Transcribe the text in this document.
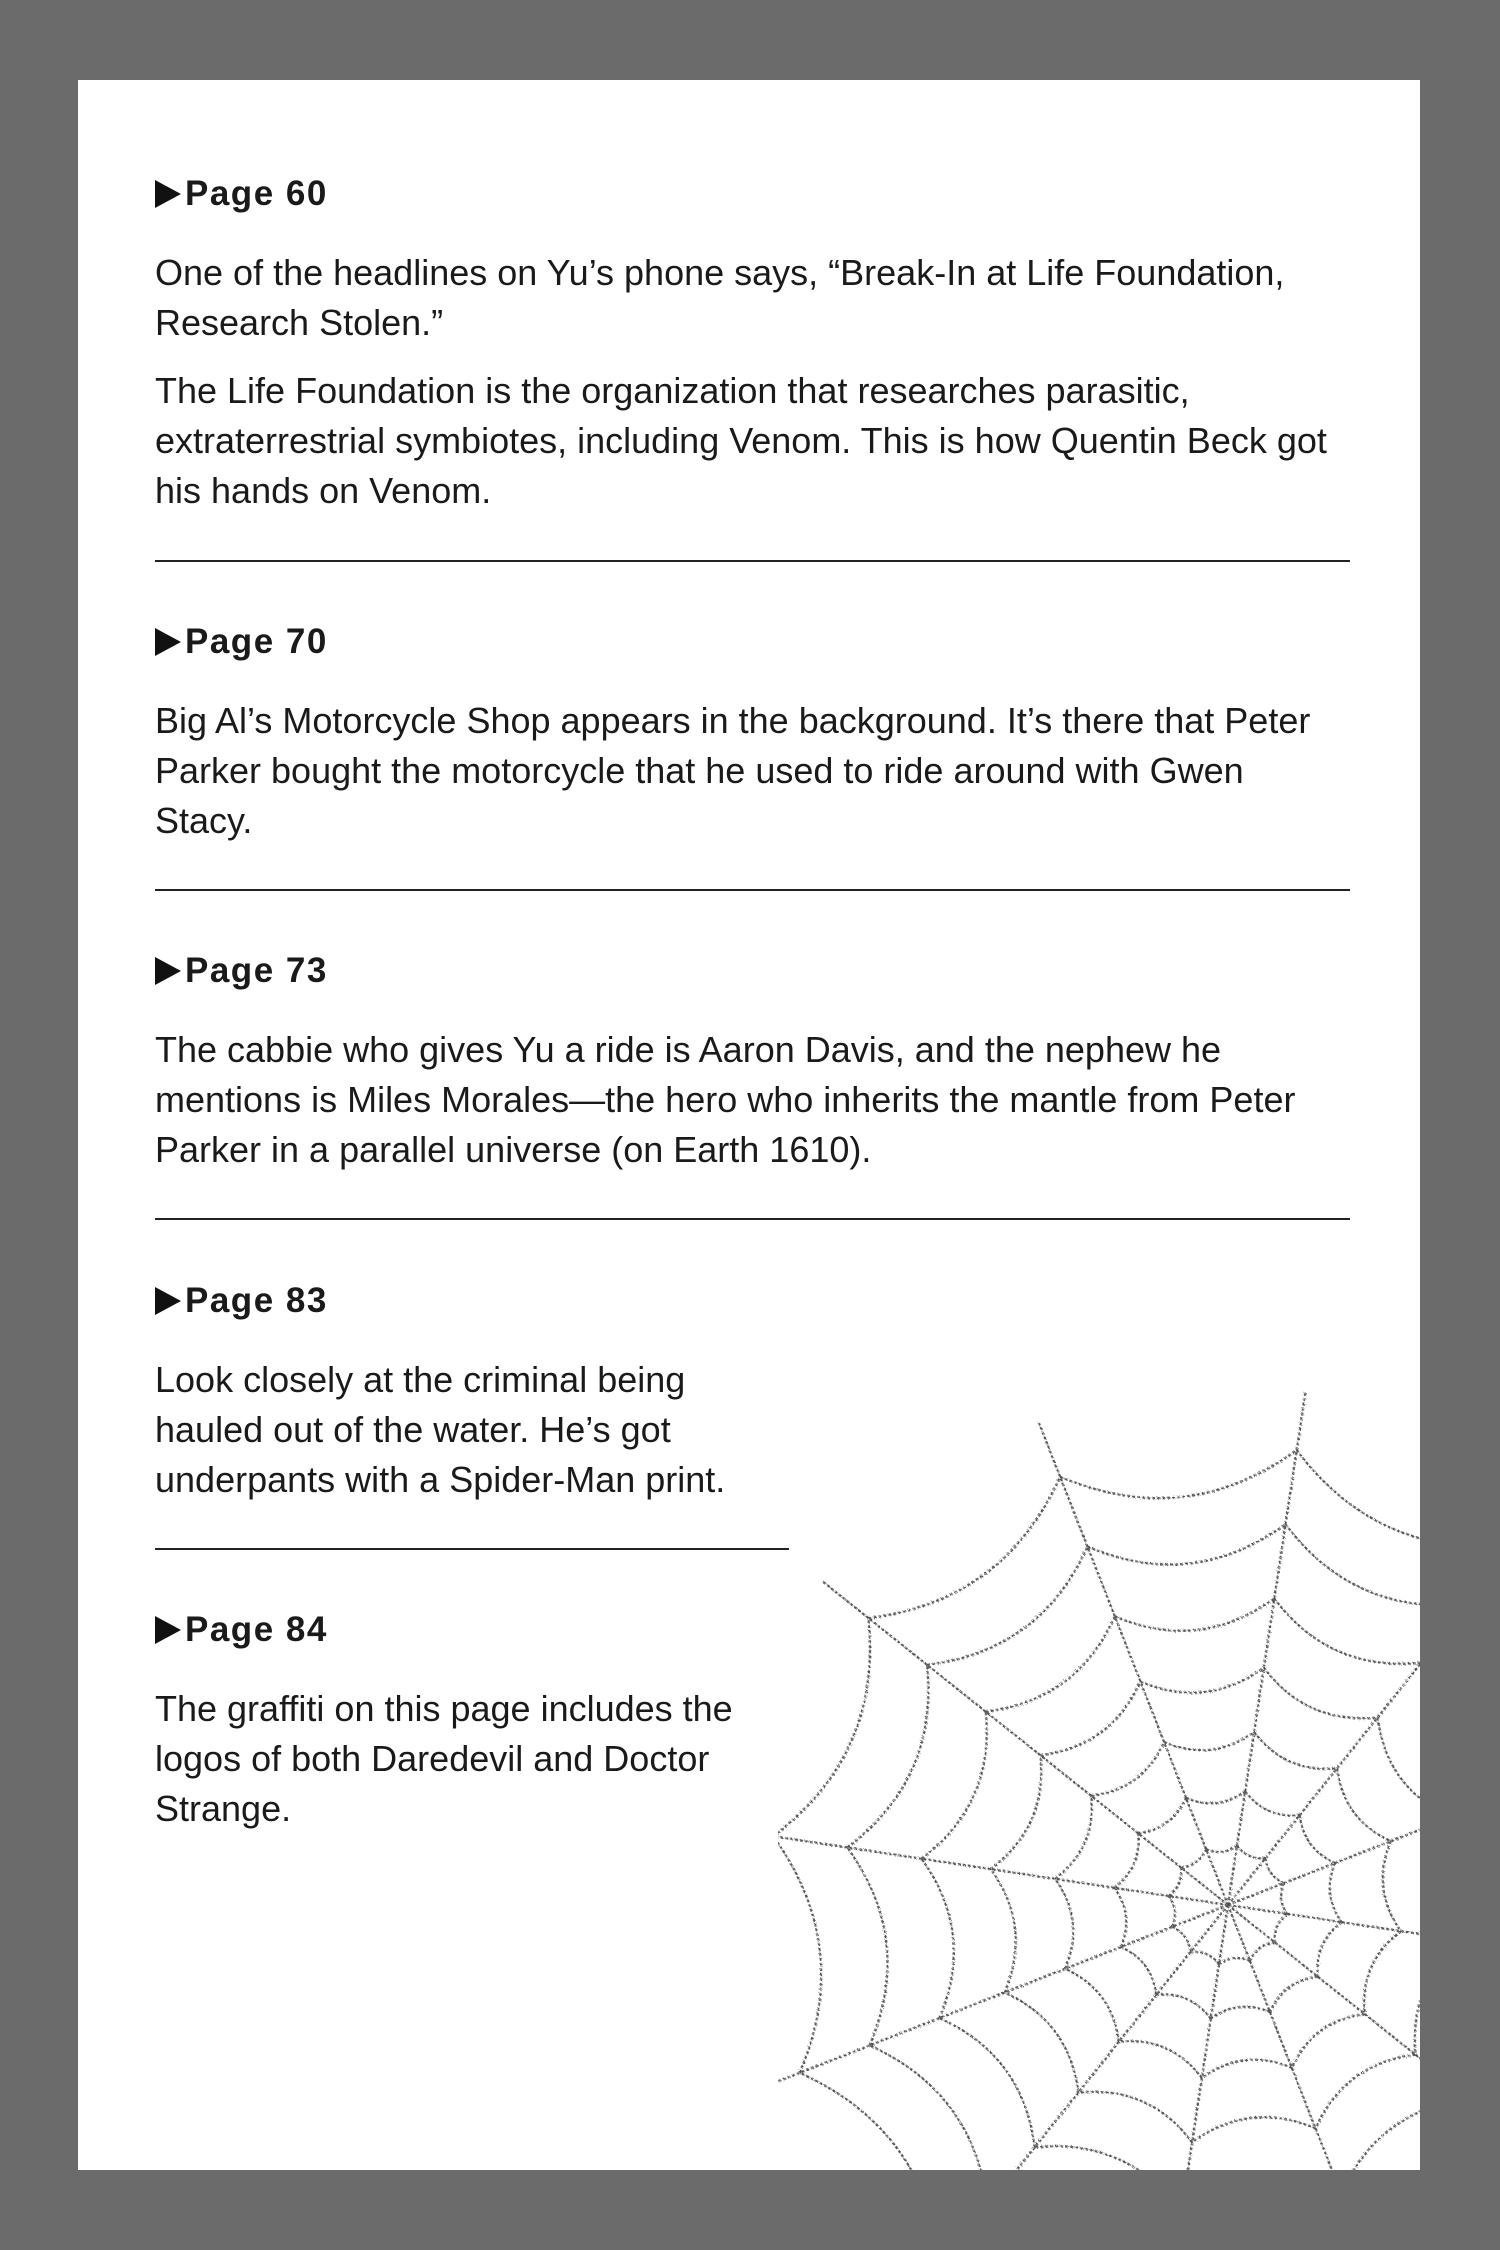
Page 60

One of the headlines on Yu’s phone says, “Break-In at Life Foundation, Research Stolen.”

The Life Foundation is the organization that researches parasitic, extraterrestrial symbiotes, including Venom. This is how Quentin Beck got his hands on Venom.

Page 70

Big Al’s Motorcycle Shop appears in the background. It’s there that Peter Parker bought the motorcycle that he used to ride around with Gwen Stacy.

Page 73

The cabbie who gives Yu a ride is Aaron Davis, and the nephew he mentions is Miles Morales—the hero who inherits the mantle from Peter Parker in a parallel universe (on Earth 1610).

Page 83

Look closely at the criminal being hauled out of the water. He’s got underpants with a Spider-Man print.

Page 84

The graffiti on this page includes the logos of both Daredevil and Doctor Strange.
